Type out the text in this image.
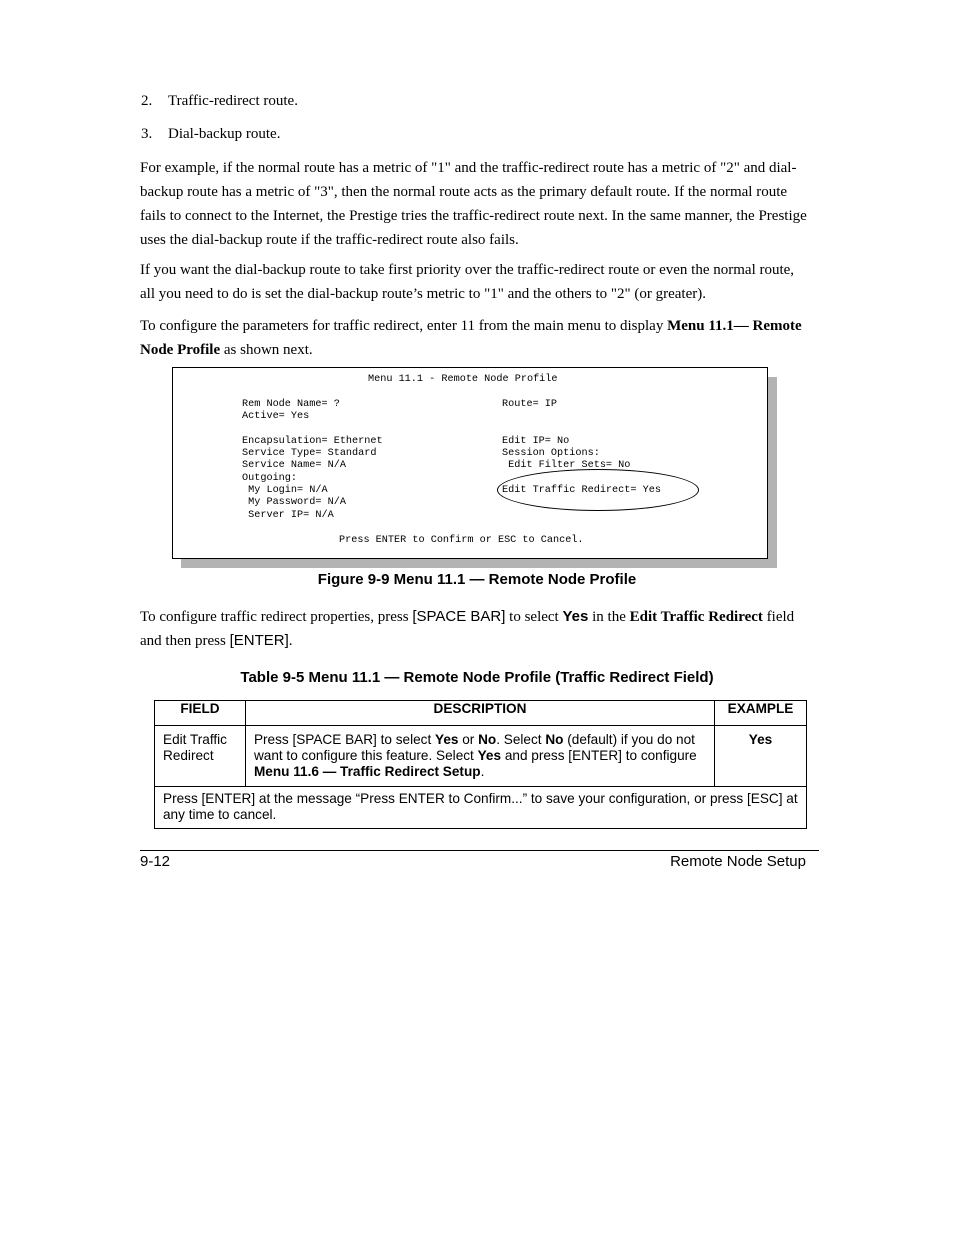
2. Traffic-redirect route.
3. Dial-backup route.

For example, if the normal route has a metric of "1" and the traffic-redirect route has a metric of "2" and dial-backup route has a metric of "3", then the normal route acts as the primary default route. If the normal route fails to connect to the Internet, the Prestige tries the traffic-redirect route next. In the same manner, the Prestige uses the dial-backup route if the traffic-redirect route also fails.

If you want the dial-backup route to take first priority over the traffic-redirect route or even the normal route, all you need to do is set the dial-backup route’s metric to "1" and the others to "2" (or greater).

To configure the parameters for traffic redirect, enter 11 from the main menu to display Menu 11.1— Remote Node Profile as shown next.

Menu 11.1 - Remote Node Profile
Rem Node Name= ?
Active= Yes

Encapsulation= Ethernet
Service Type= Standard
Service Name= N/A
Outgoing:
My Login= N/A
My Password= N/A
Server IP= N/A
Route= IP

Edit IP= No
Session Options:
Edit Filter Sets= No

Edit Traffic Redirect= Yes
Press ENTER to Confirm or ESC to Cancel.
Figure 9-9 Menu 11.1 — Remote Node Profile

To configure traffic redirect properties, press [SPACE BAR] to select Yes in the Edit Traffic Redirect field and then press [ENTER].

Table 9-5 Menu 11.1 — Remote Node Profile (Traffic Redirect Field)
FIELD	DESCRIPTION	EXAMPLE
Edit Traffic Redirect	Press [SPACE BAR] to select Yes or No. Select No (default) if you do not want to configure this feature. Select Yes and press [ENTER] to configure Menu 11.6 — Traffic Redirect Setup.	Yes
Press [ENTER] at the message “Press ENTER to Confirm...” to save your configuration, or press [ESC] at any time to cancel.		
9-12	Remote Node Setup
